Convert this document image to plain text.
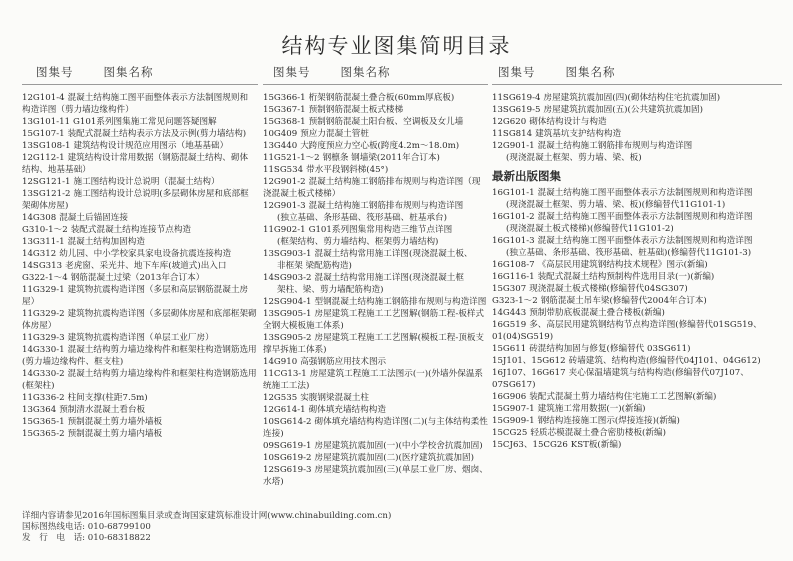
结构专业图集简明目录
图集号	图集名称
12G101-4 混凝土结构施工图平面整体表示方法制图规则和
构造详图（剪力墙边缘构件）
13G101-11 G101系列图集施工常见问题答疑图解
15G107-1 装配式混凝土结构表示方法及示例(剪力墙结构)
13SG108-1 建筑结构设计规范应用图示（地基基础）
12G112-1 建筑结构设计常用数据（钢筋混凝土结构、砌体
结构、地基基础）
12SG121-1 施工图结构设计总说明（混凝土结构）
13SG121-2 施工图结构设计总说明(多层砌体房屋和底部框
架砌体房屋)
14G308 混凝土后锚固连接
G310-1～2 装配式混凝土结构连接节点构造
13G311-1 混凝土结构加固构造
14G312 幼儿园、中小学校家具家电设备抗震连接构造
14SG313 老虎窗、采光井、地下车库(坡道式)出入口
G322-1～4 钢筋混凝土过梁（2013年合订本）
11G329-1 建筑物抗震构造详图（多层和高层钢筋混凝土房屋）
11G329-2 建筑物抗震构造详图（多层砌体房屋和底部框架砌体房屋）
11G329-3 建筑物抗震构造详图（单层工业厂房）
14G330-1 混凝土结构剪力墙边缘构件和框架柱构造钢筋选用
(剪力墙边缘构件、框支柱)
14G330-2 混凝土结构剪力墙边缘构件和框架柱构造钢筋选用
(框架柱)
11G336-2 柱间支撑(柱距7.5m)
13G364 预制清水混凝土看台板
15G365-1 预制混凝土剪力墙外墙板
15G365-2 预制混凝土剪力墙内墙板
图集号	图集名称
15G366-1 桁架钢筋混凝土叠合板(60mm厚底板)
15G367-1 预制钢筋混凝土板式楼梯
15G368-1 预制钢筋混凝土阳台板、空调板及女儿墙
10G409 预应力混凝土管桩
13G440 大跨度预应力空心板(跨度4.2m～18.0m)
11G521-1～2 钢檩条 钢墙梁(2011年合订本)
11SG534 带水平段钢斜梯(45°)
12G901-2 混凝土结构施工钢筋排布规则与构造详图（现浇混凝土板式楼梯）
12G901-3 混凝土结构施工钢筋排布规则与构造详图
(独立基础、条形基础、筏形基础、桩基承台)
11G902-1 G101系列图集常用构造三维节点详图
(框架结构、剪力墙结构、框架剪力墙结构)
13SG903-1 混凝土结构常用施工详图(现浇混凝土板、
非框架 梁配筋构造)
14SG903-2 混凝土结构常用施工详图(现浇混凝土框
架柱、梁、剪力墙配筋构造)
12SG904-1 型钢混凝土结构施工钢筋排布规则与构造详图
13SG905-1 房屋建筑工程施工工艺图解(钢筋工程-板样式全钢大模板施工体系)
13SG905-2 房屋建筑工程施工工艺图解(模板工程-顶板支撑早拆施工体系)
14G910 高强钢筋应用技术图示
11CG13-1 房屋建筑工程施工工法图示(一)(外墙外保温系统施工工法)
12G535 实腹钢梁混凝土柱
12G614-1 砌体填充墙结构构造
10SG614-2 砌体填充墙结构构造详图(二)(与主体结构柔性连接)
09SG619-1 房屋建筑抗震加固(一)(中小学校舍抗震加固)
10SG619-2 房屋建筑抗震加固(二)(医疗建筑抗震加固)
12SG619-3 房屋建筑抗震加固(三)(单层工业厂房、烟囱、水塔)
图集号	图集名称
11SG619-4 房屋建筑抗震加固(四)(砌体结构住宅抗震加固)
13SG619-5 房屋建筑抗震加固(五)(公共建筑抗震加固)
12G620 砌体结构设计与构造
11SG814 建筑基坑支护结构构造
12G901-1 混凝土结构施工钢筋排布规则与构造详图
(现浇混凝土框架、剪力墙、梁、板)
最新出版图集
16G101-1 混凝土结构施工图平面整体表示方法制图规则和构造详图
(现浇混凝土框架、剪力墙、梁、板)(修编替代11G101-1)
16G101-2 混凝土结构施工图平面整体表示方法制图规则和构造详图
(现浇混凝土板式楼梯)(修编替代11G101-2)
16G101-3 混凝土结构施工图平面整体表示方法制图规则和构造详图
(独立基础、条形基础、筏形基础、桩基础)(修编替代11G101-3)
16G108-7 《高层民用建筑钢结构技术规程》图示(新编)
16G116-1 装配式混凝土结构预制构件选用目录(一)(新编)
15G307 现浇混凝土板式楼梯(修编替代04SG307)
G323-1～2 钢筋混凝土吊车梁(修编替代2004年合订本)
14G443 预制带肋底板混凝土叠合楼板(新编)
16G519 多、高层民用建筑钢结构节点构造详图(修编替代01SG519、01(04)SG519)
15G611 砖混结构加固与修复(修编替代 03SG611)
15J101、15G612 砖墙建筑、结构构造(修编替代04J101、04G612)
16J107、16G617 夹心保温墙建筑与结构构造(修编替代07J107、07SG617)
16G906 装配式混凝土剪力墙结构住宅施工工艺图解(新编)
15G907-1 建筑施工常用数据(一)(新编)
15G909-1 钢结构连接施工图示(焊接连接)(新编)
15CG25 轻质芯模混凝土叠合密肋楼板(新编)
15CJ63、15CG26 KST板(新编)
详细内容请参见2016年国标图集目录或查询国家建筑标准设计网(www.chinabuilding.com.cn)
国标图热线电话: 010-68799100
发　行　电　话: 010-68318822
